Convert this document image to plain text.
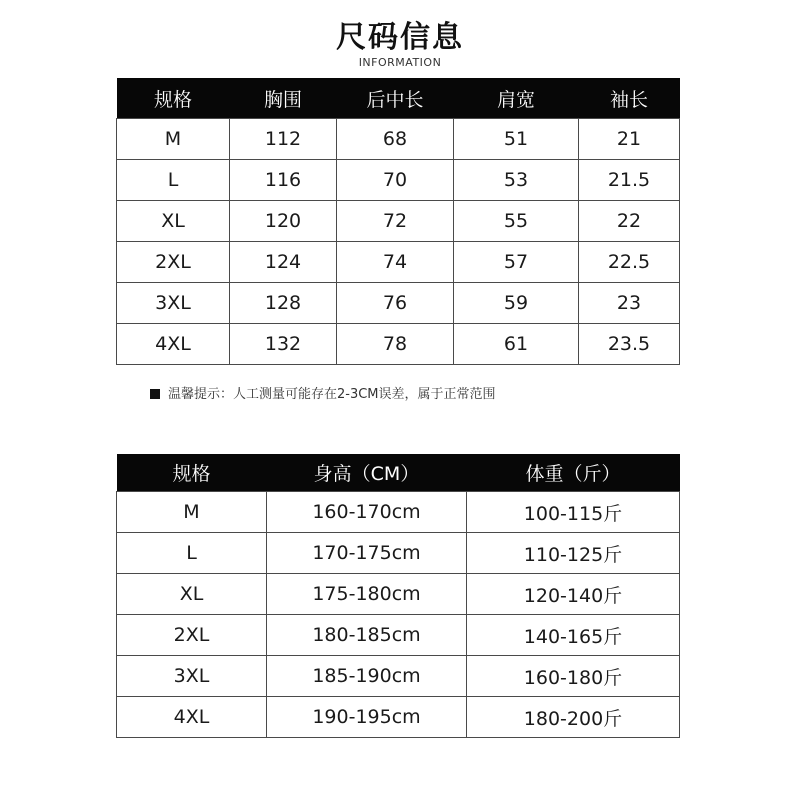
尺码信息
INFORMATION
规格	胸围	后中长	肩宽	袖长
M	112	68	51	21
L	116	70	53	21.5
XL	120	72	55	22
2XL	124	74	57	22.5
3XL	128	76	59	23
4XL	132	78	61	23.5
温馨提示：人工测量可能存在2-3CM误差，属于正常范围
规格	身高（CM）	体重（斤）
M	160-170cm	100-115斤
L	170-175cm	110-125斤
XL	175-180cm	120-140斤
2XL	180-185cm	140-165斤
3XL	185-190cm	160-180斤
4XL	190-195cm	180-200斤
